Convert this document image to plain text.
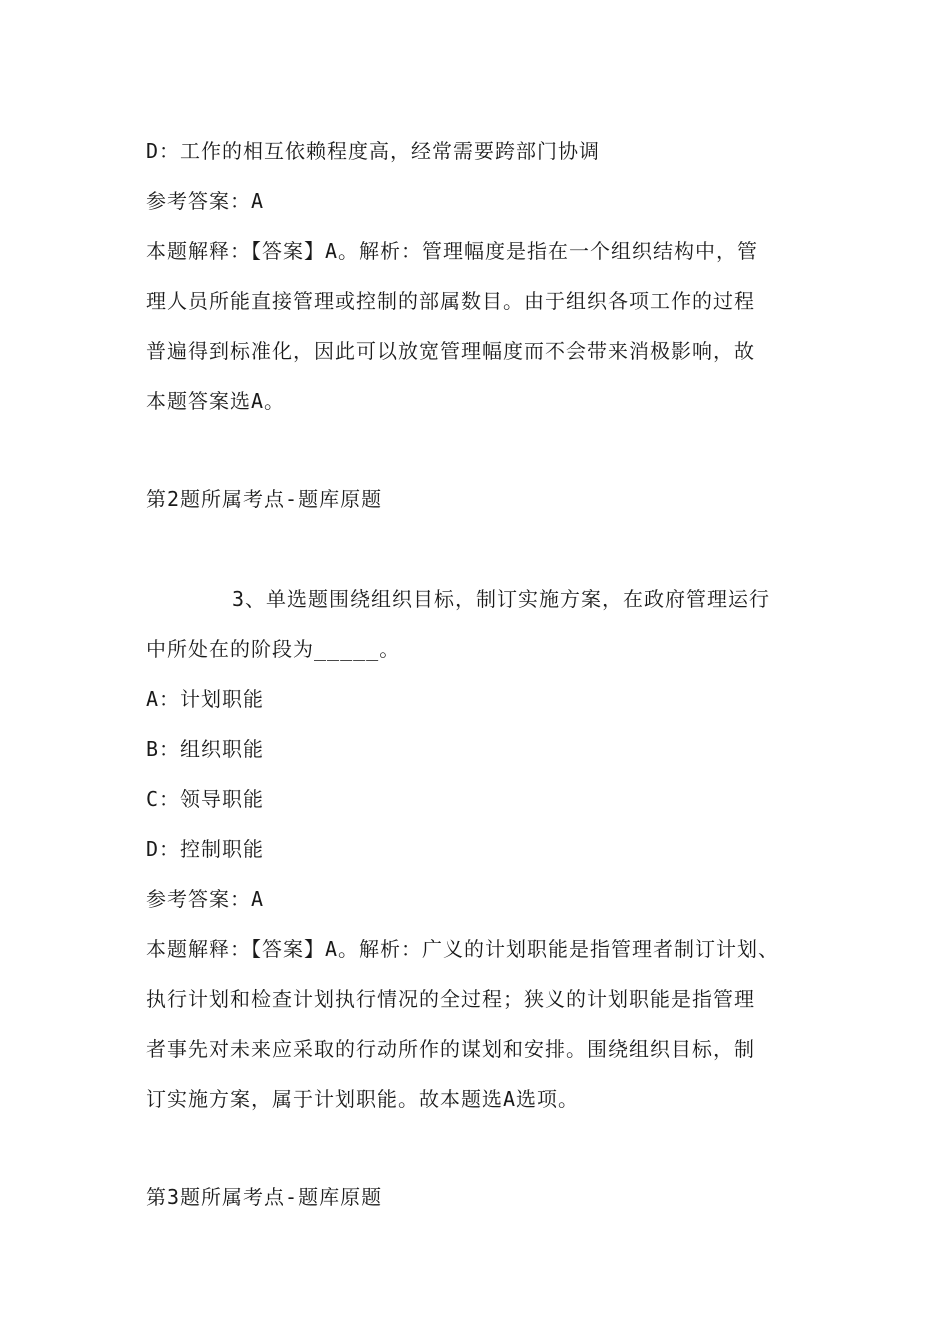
D：工作的相互依赖程度高，经常需要跨部门协调
参考答案：A
本题解释：【答案】A。解析：管理幅度是指在一个组织结构中，管
理人员所能直接管理或控制的部属数目。由于组织各项工作的过程
普遍得到标准化，因此可以放宽管理幅度而不会带来消极影响，故
本题答案选A。
第2题所属考点-题库原题
3、单选题围绕组织目标，制订实施方案，在政府管理运行
中所处在的阶段为_____。
A：计划职能
B：组织职能
C：领导职能
D：控制职能
参考答案：A
本题解释：【答案】A。解析：广义的计划职能是指管理者制订计划、
执行计划和检查计划执行情况的全过程；狭义的计划职能是指管理
者事先对未来应采取的行动所作的谋划和安排。围绕组织目标，制
订实施方案，属于计划职能。故本题选A选项。
第3题所属考点-题库原题
